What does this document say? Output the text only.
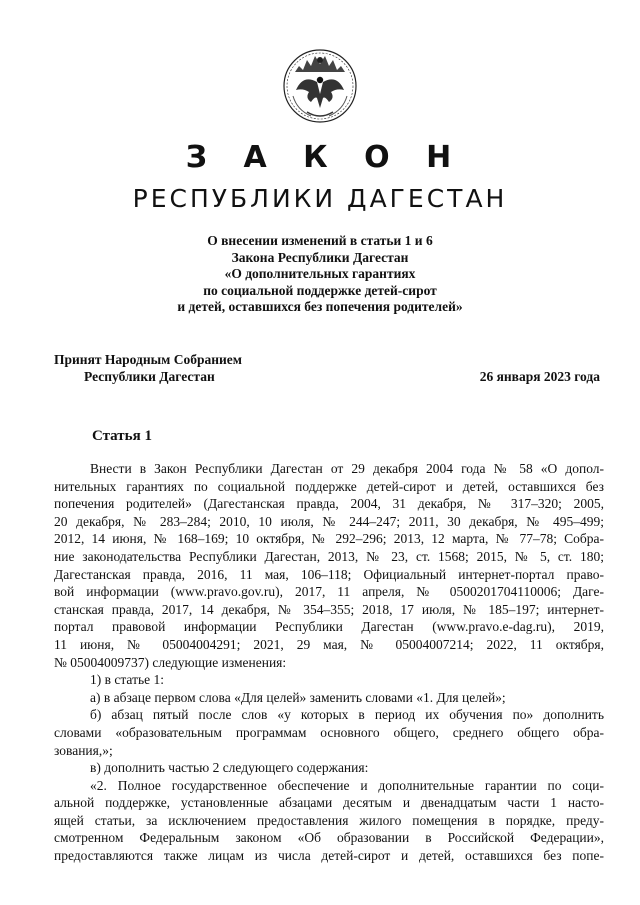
З А К О Н
РЕСПУБЛИКИ ДАГЕСТАН
О внесении изменений в статьи 1 и 6
Закона Республики Дагестан
«О дополнительных гарантиях
по социальной поддержке детей-сирот
и детей, оставшихся без попечения родителей»
Принят Народным Собранием
Республики Дагестан	26 января 2023 года
Статья 1
Внести в Закон Республики Дагестан от 29 декабря 2004 года № 58 «О допол-
нительных гарантиях по социальной поддержке детей-сирот и детей, оставшихся без
попечения родителей» (Дагестанская правда, 2004, 31 декабря, № 317–320; 2005,
20 декабря, № 283–284; 2010, 10 июля, № 244–247; 2011, 30 декабря, № 495–499;
2012, 14 июня, № 168–169; 10 октября, № 292–296; 2013, 12 марта, № 77–78; Собра-
ние законодательства Республики Дагестан, 2013, № 23, ст. 1568; 2015, № 5, ст. 180;
Дагестанская правда, 2016, 11 мая, 106–118; Официальный интернет-портал право-
вой информации (www.pravo.gov.ru), 2017, 11 апреля, № 0500201704110006; Даге-
станская правда, 2017, 14 декабря, № 354–355; 2018, 17 июля, № 185–197; интернет-
портал правовой информации Республики Дагестан (www.pravo.e-dag.ru), 2019,
11 июня, № 05004004291; 2021, 29 мая, № 05004007214; 2022, 11 октября,
№ 05004009737) следующие изменения:
1) в статье 1:
а) в абзаце первом слова «Для целей» заменить словами «1. Для целей»;
б) абзац пятый после слов «у которых в период их обучения по» дополнить
словами «образовательным программам основного общего, среднего общего обра-
зования,»;
в) дополнить частью 2 следующего содержания:
«2. Полное государственное обеспечение и дополнительные гарантии по соци-
альной поддержке, установленные абзацами десятым и двенадцатым части 1 насто-
ящей статьи, за исключением предоставления жилого помещения в порядке, преду-
смотренном Федеральным законом «Об образовании в Российской Федерации»,
предоставляются также лицам из числа детей-сирот и детей, оставшихся без попе-
